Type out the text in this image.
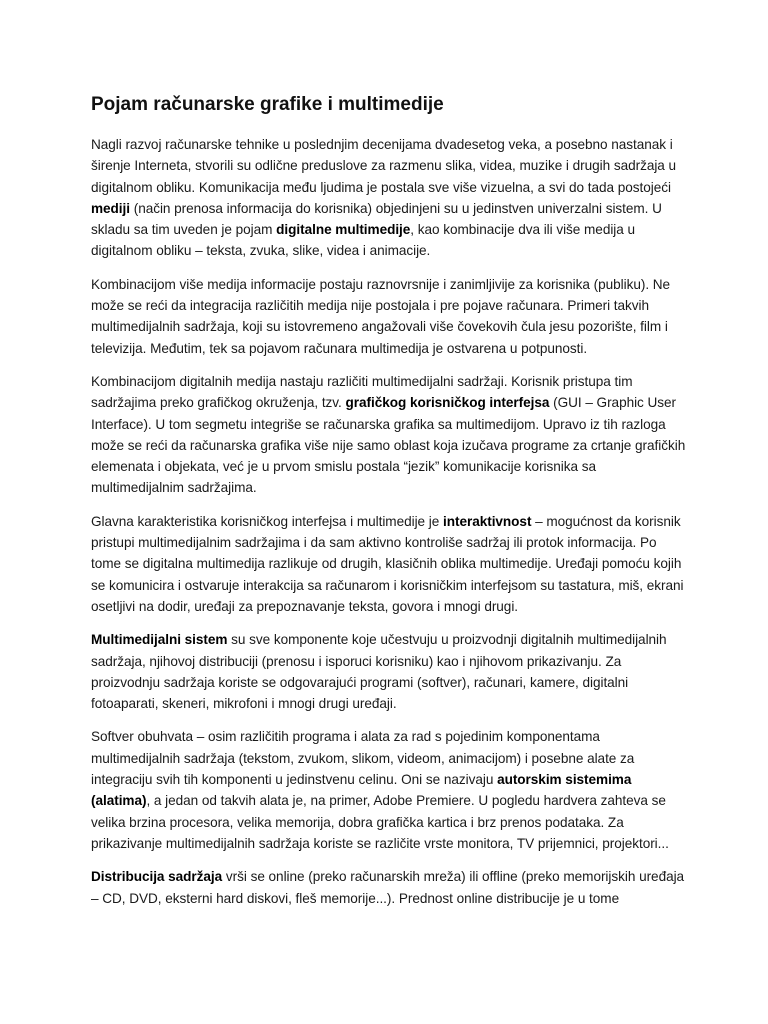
Pojam računarske grafike i multimedije

Nagli razvoj računarske tehnike u poslednjim decenijama dvadesetog veka, a posebno nastanak i širenje Interneta, stvorili su odlične preduslove za razmenu slika, videa, muzike i drugih sadržaja u digitalnom obliku. Komunikacija među ljudima je postala sve više vizuelna, a svi do tada postojeći mediji (način prenosa informacija do korisnika) objedinjeni su u jedinstven univerzalni sistem. U skladu sa tim uveden je pojam digitalne multimedije, kao kombinacije dva ili više medija u digitalnom obliku – teksta, zvuka, slike, videa i animacije.

Kombinacijom više medija informacije postaju raznovrsnije i zanimljivije za korisnika (publiku). Ne može se reći da integracija različitih medija nije postojala i pre pojave računara. Primeri takvih multimedijalnih sadržaja, koji su istovremeno angažovali više čovekovih čula jesu pozorište, film i televizija. Međutim, tek sa pojavom računara multimedija je ostvarena u potpunosti.

Kombinacijom digitalnih medija nastaju različiti multimedijalni sadržaji. Korisnik pristupa tim sadržajima preko grafičkog okruženja, tzv. grafičkog korisničkog interfejsa (GUI – Graphic User Interface). U tom segmetu integriše se računarska grafika sa multimedijom. Upravo iz tih razloga može se reći da računarska grafika više nije samo oblast koja izučava programe za crtanje grafičkih elemenata i objekata, već je u prvom smislu postala “jezik” komunikacije korisnika sa multimedijalnim sadržajima.

Glavna karakteristika korisničkog interfejsa i multimedije je interaktivnost – mogućnost da korisnik pristupi multimedijalnim sadržajima i da sam aktivno kontroliše sadržaj ili protok informacija. Po tome se digitalna multimedija razlikuje od drugih, klasičnih oblika multimedije. Uređaji pomoću kojih se komunicira i ostvaruje interakcija sa računarom i korisničkim interfejsom su tastatura, miš, ekrani osetljivi na dodir, uređaji za prepoznavanje teksta, govora i mnogi drugi.

Multimedijalni sistem su sve komponente koje učestvuju u proizvodnji digitalnih multimedijalnih sadržaja, njihovoj distribuciji (prenosu i isporuci korisniku) kao i njihovom prikazivanju. Za proizvodnju sadržaja koriste se odgovarajući programi (softver), računari, kamere, digitalni fotoaparati, skeneri, mikrofoni i mnogi drugi uređaji.

Softver obuhvata – osim različitih programa i alata za rad s pojedinim komponentama multimedijalnih sadržaja (tekstom, zvukom, slikom, videom, animacijom) i posebne alate za integraciju svih tih komponenti u jedinstvenu celinu. Oni se nazivaju autorskim sistemima (alatima), a jedan od takvih alata je, na primer, Adobe Premiere. U pogledu hardvera zahteva se velika brzina procesora, velika memorija, dobra grafička kartica i brz prenos podataka. Za prikazivanje multimedijalnih sadržaja koriste se različite vrste monitora, TV prijemnici, projektori...

Distribucija sadržaja vrši se online (preko računarskih mreža) ili offline (preko memorijskih uređaja – CD, DVD, eksterni hard diskovi, fleš memorije...). Prednost online distribucije je u tome
